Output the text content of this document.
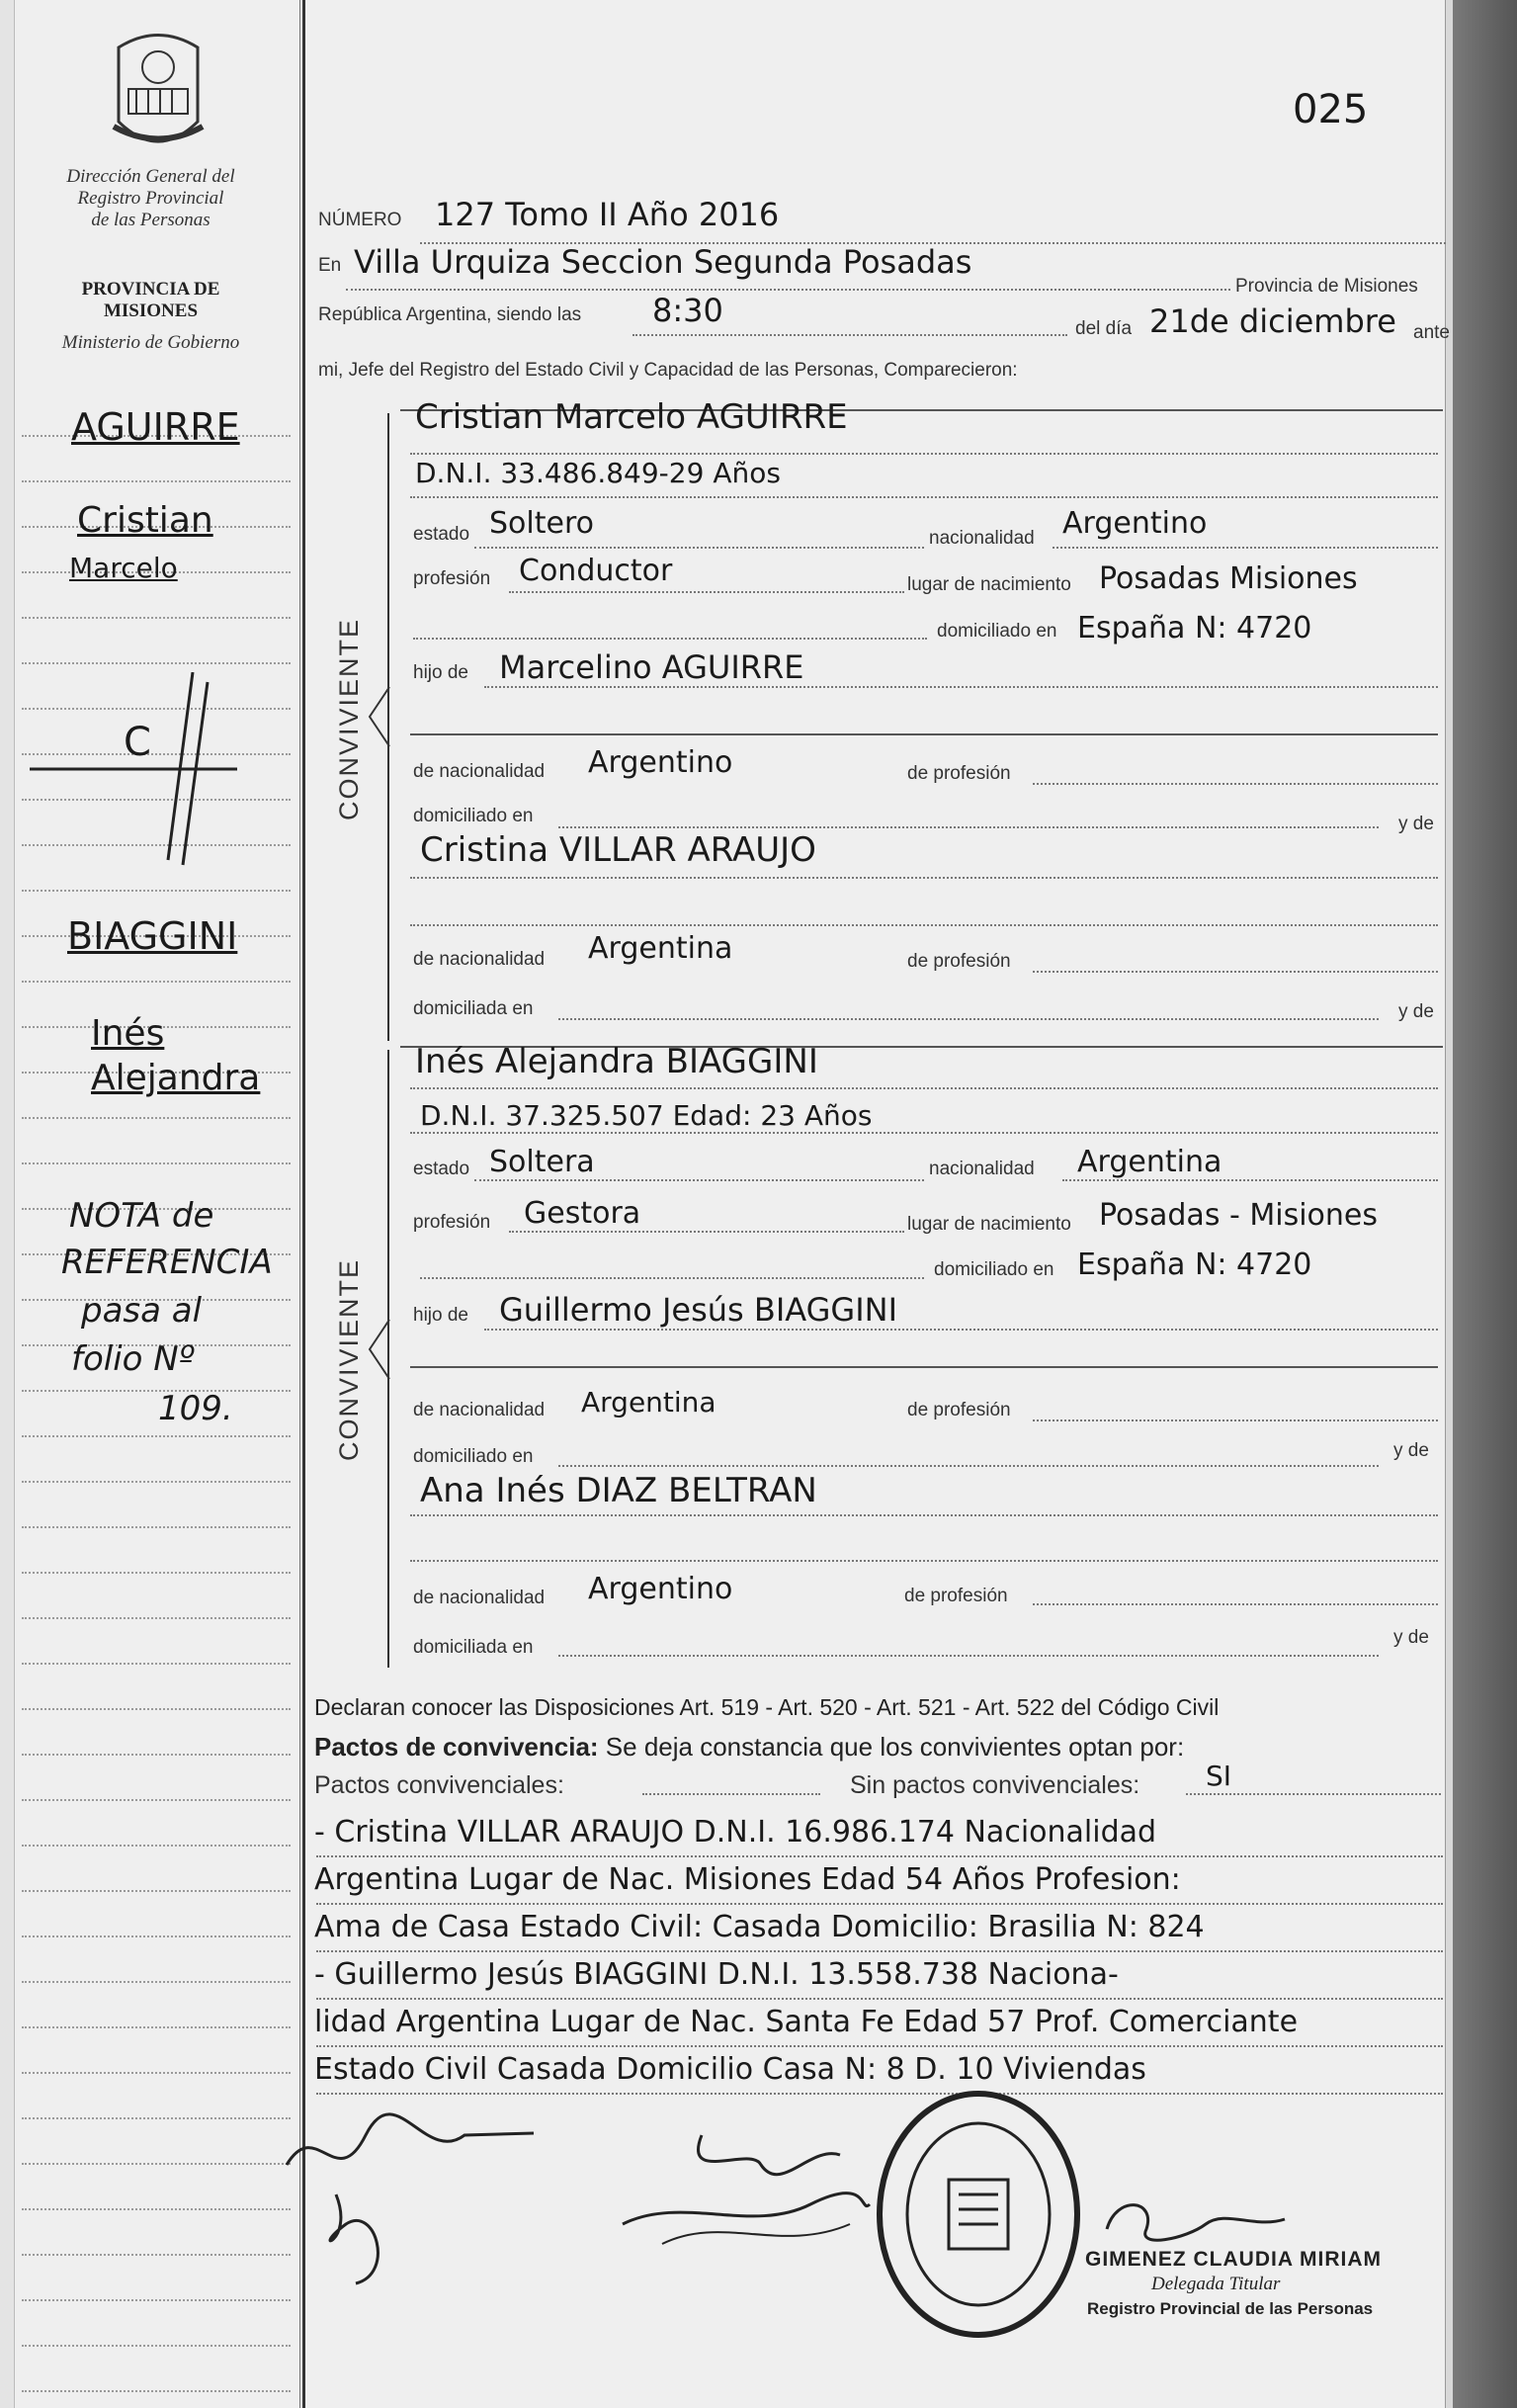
Dirección General del
Registro Provincial
de las Personas
PROVINCIA DE
MISIONES
Ministerio de Gobierno
025
NÚMERO 127 Tomo II Año 2016
En Villa Urquiza Seccion Segunda Posadas
Provincia de Misiones
República Argentina, siendo las 8:30	del día 21de diciembre ante
mi, Jefe del Registro del Estado Civil y Capacidad de las Personas, Comparecieron:
AGUIRRE
Cristian
Marcelo
C
BIAGGINI
Inés
Alejandra
NOTA de
REFERENCIA
pasa al
folio Nº
109.
CONVIVIENTE
Cristian Marcelo AGUIRRE
D.N.I. 33.486.849-29 Años
estado Soltero	nacionalidad Argentino
profesión Conductor	lugar de nacimiento Posadas Misiones
domiciliado en España N: 4720
hijo de Marcelino AGUIRRE
de nacionalidad Argentino	de profesión
domiciliado en	y de
Cristina VILLAR ARAUJO
de nacionalidad Argentina	de profesión
domiciliada en	y de
CONVIVIENTE
Inés Alejandra BIAGGINI
D.N.I. 37.325.507 Edad: 23 Años
estado Soltera	nacionalidad Argentina
profesión Gestora	lugar de nacimiento Posadas - Misiones
domiciliado en España N: 4720
hijo de Guillermo Jesús BIAGGINI
de nacionalidad Argentina	de profesión
domiciliado en	y de
Ana Inés DIAZ BELTRAN
de nacionalidad Argentino	de profesión
domiciliada en	y de
Declaran conocer las Disposiciones Art. 519 - Art. 520 - Art. 521 - Art. 522 del Código Civil
Pactos de convivencia: Se deja constancia que los convivientes optan por:
Pactos convivenciales:	Sin pactos convivenciales: SI
- Cristina VILLAR ARAUJO D.N.I. 16.986.174 Nacionalidad
Argentina Lugar de Nac. Misiones Edad 54 Años Profesion:
Ama de Casa Estado Civil: Casada Domicilio: Brasilia N: 824
- Guillermo Jesús BIAGGINI D.N.I. 13.558.738 Naciona-
lidad Argentina Lugar de Nac. Santa Fe Edad 57 Prof. Comerciante
Estado Civil Casada Domicilio Casa N: 8 D. 10 Viviendas
GIMENEZ CLAUDIA MIRIAM
Delegada Titular
Registro Provincial de las Personas
